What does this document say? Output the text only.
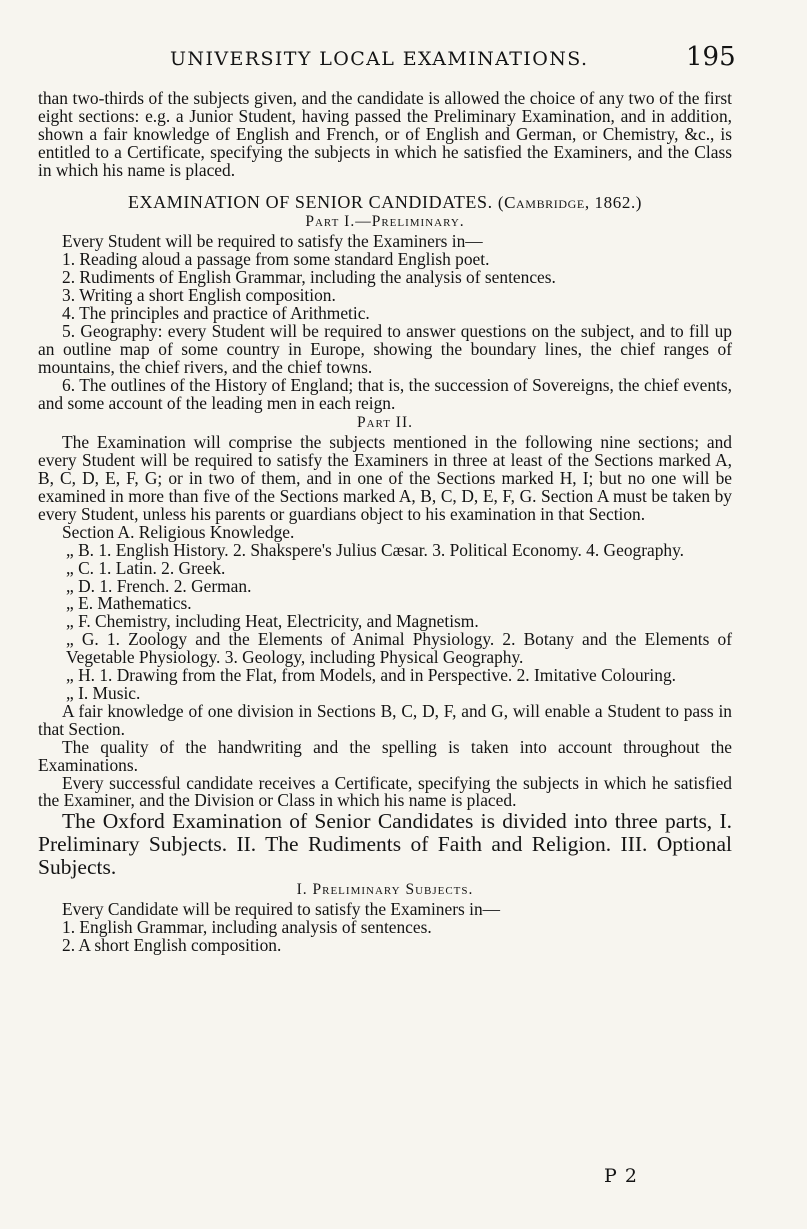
UNIVERSITY LOCAL EXAMINATIONS.	195

than two-thirds of the subjects given, and the candidate is allowed the choice of any two of the first eight sections: e.g. a Junior Student, having passed the Preliminary Examination, and in addition, shown a fair knowledge of English and French, or of English and German, or Chemistry, &c., is entitled to a Certificate, specifying the subjects in which he satisfied the Examiners, and the Class in which his name is placed.

EXAMINATION OF SENIOR CANDIDATES. (Cambridge, 1862.)

Part I.—Preliminary.

Every Student will be required to satisfy the Examiners in—

1. Reading aloud a passage from some standard English poet.

2. Rudiments of English Grammar, including the analysis of sentences.

3. Writing a short English composition.

4. The principles and practice of Arithmetic.

5. Geography: every Student will be required to answer questions on the subject, and to fill up an outline map of some country in Europe, showing the boundary lines, the chief ranges of mountains, the chief rivers, and the chief towns.

6. The outlines of the History of England; that is, the succession of Sovereigns, the chief events, and some account of the leading men in each reign.

Part II.

The Examination will comprise the subjects mentioned in the following nine sections; and every Student will be required to satisfy the Examiners in three at least of the Sections marked A, B, C, D, E, F, G; or in two of them, and in one of the Sections marked H, I; but no one will be examined in more than five of the Sections marked A, B, C, D, E, F, G. Section A must be taken by every Student, unless his parents or guardians object to his examination in that Section.

Section A. Religious Knowledge.

„ B. 1. English History. 2. Shakspere's Julius Cæsar. 3. Political Economy. 4. Geography.

„ C. 1. Latin. 2. Greek.

„ D. 1. French. 2. German.

„ E. Mathematics.

„ F. Chemistry, including Heat, Electricity, and Magnetism.

„ G. 1. Zoology and the Elements of Animal Physiology. 2. Botany and the Elements of Vegetable Physiology. 3. Geology, including Physical Geography.

„ H. 1. Drawing from the Flat, from Models, and in Perspective. 2. Imitative Colouring.

„ I. Music.

A fair knowledge of one division in Sections B, C, D, F, and G, will enable a Student to pass in that Section.

The quality of the handwriting and the spelling is taken into account throughout the Examinations.

Every successful candidate receives a Certificate, specifying the subjects in which he satisfied the Examiner, and the Division or Class in which his name is placed.

The Oxford Examination of Senior Candidates is divided into three parts, I. Preliminary Subjects. II. The Rudiments of Faith and Religion. III. Optional Subjects.

I. Preliminary Subjects.

Every Candidate will be required to satisfy the Examiners in—

1. English Grammar, including analysis of sentences.

2. A short English composition.

P 2
